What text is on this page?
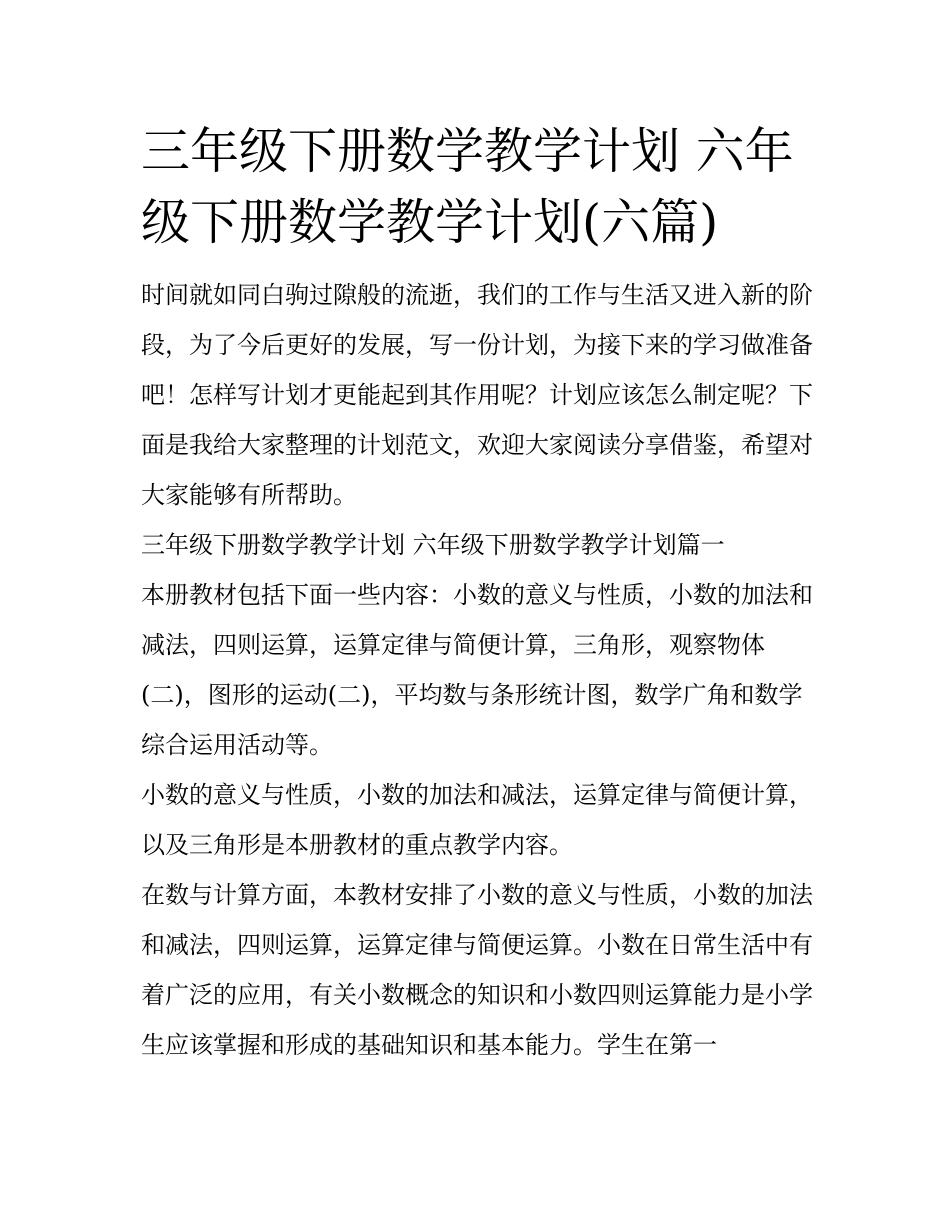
三年级下册数学教学计划 六年级下册数学教学计划(六篇)

时间就如同白驹过隙般的流逝，我们的工作与生活又进入新的阶段，为了今后更好的发展，写一份计划，为接下来的学习做准备吧！怎样写计划才更能起到其作用呢？计划应该怎么制定呢？下面是我给大家整理的计划范文，欢迎大家阅读分享借鉴，希望对大家能够有所帮助。

三年级下册数学教学计划 六年级下册数学教学计划篇一

本册教材包括下面一些内容：小数的意义与性质，小数的加法和减法，四则运算，运算定律与简便计算，三角形，观察物体(二)，图形的运动(二)，平均数与条形统计图，数学广角和数学综合运用活动等。

小数的意义与性质，小数的加法和减法，运算定律与简便计算，以及三角形是本册教材的重点教学内容。

在数与计算方面，本教材安排了小数的意义与性质，小数的加法和减法，四则运算，运算定律与简便运算。小数在日常生活中有着广泛的应用，有关小数概念的知识和小数四则运算能力是小学生应该掌握和形成的基础知识和基本能力。学生在第一
